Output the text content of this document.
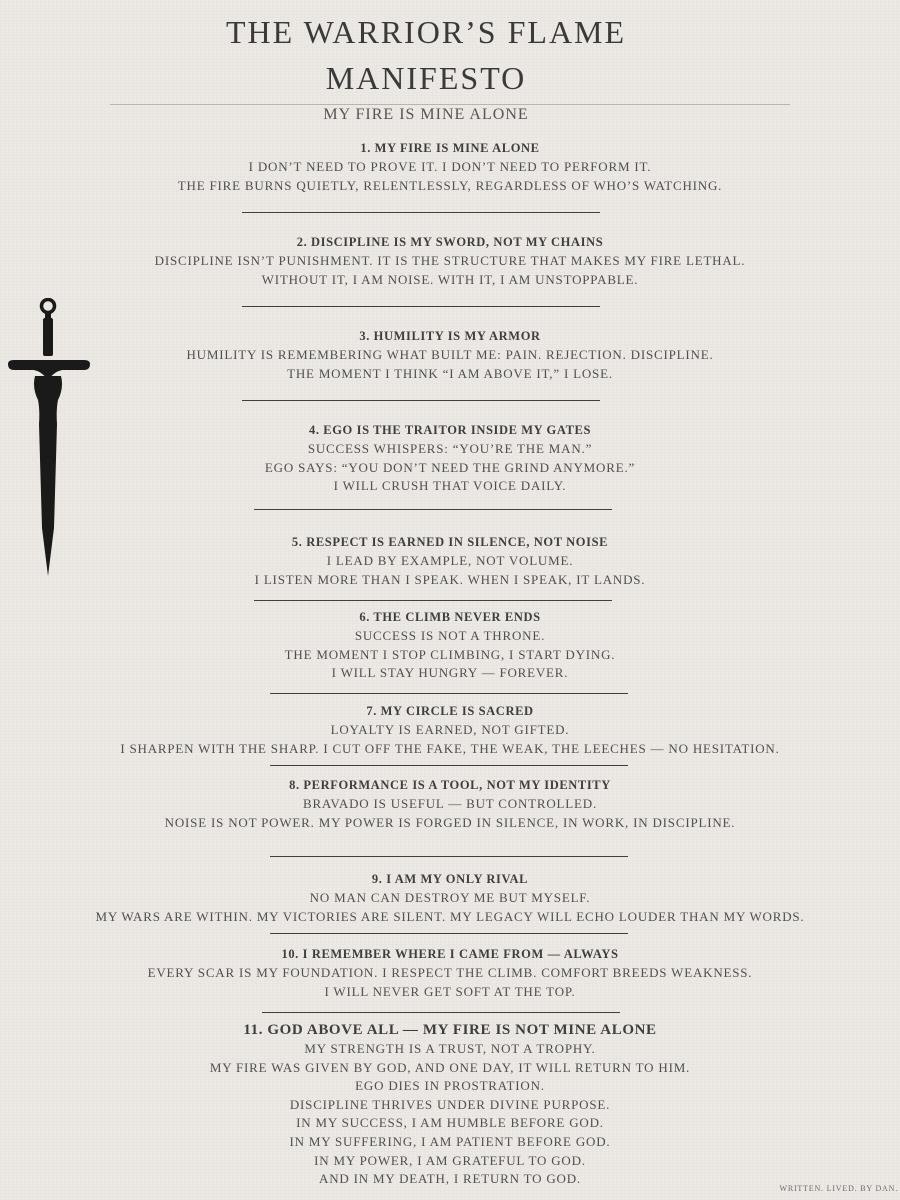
THE WARRIOR’S FLAME
MANIFESTO
MY FIRE IS MINE ALONE
1. MY FIRE IS MINE ALONE
I DON’T NEED TO PROVE IT. I DON’T NEED TO PERFORM IT.
THE FIRE BURNS QUIETLY, RELENTLESSLY, REGARDLESS OF WHO’S WATCHING.
2. DISCIPLINE IS MY SWORD, NOT MY CHAINS
DISCIPLINE ISN’T PUNISHMENT. IT IS THE STRUCTURE THAT MAKES MY FIRE LETHAL.
WITHOUT IT, I AM NOISE. WITH IT, I AM UNSTOPPABLE.
3. HUMILITY IS MY ARMOR
HUMILITY IS REMEMBERING WHAT BUILT ME: PAIN. REJECTION. DISCIPLINE.
THE MOMENT I THINK “I AM ABOVE IT,” I LOSE.
4. EGO IS THE TRAITOR INSIDE MY GATES
SUCCESS WHISPERS: “YOU’RE THE MAN.”
EGO SAYS: “YOU DON’T NEED THE GRIND ANYMORE.”
I WILL CRUSH THAT VOICE DAILY.
5. RESPECT IS EARNED IN SILENCE, NOT NOISE
I LEAD BY EXAMPLE, NOT VOLUME.
I LISTEN MORE THAN I SPEAK. WHEN I SPEAK, IT LANDS.
6. THE CLIMB NEVER ENDS
SUCCESS IS NOT A THRONE.
THE MOMENT I STOP CLIMBING, I START DYING.
I WILL STAY HUNGRY — FOREVER.
7. MY CIRCLE IS SACRED
LOYALTY IS EARNED, NOT GIFTED.
I SHARPEN WITH THE SHARP. I CUT OFF THE FAKE, THE WEAK, THE LEECHES — NO HESITATION.
8. PERFORMANCE IS A TOOL, NOT MY IDENTITY
BRAVADO IS USEFUL — BUT CONTROLLED.
NOISE IS NOT POWER. MY POWER IS FORGED IN SILENCE, IN WORK, IN DISCIPLINE.
9. I AM MY ONLY RIVAL
NO MAN CAN DESTROY ME BUT MYSELF.
MY WARS ARE WITHIN. MY VICTORIES ARE SILENT. MY LEGACY WILL ECHO LOUDER THAN MY WORDS.
10. I REMEMBER WHERE I CAME FROM — ALWAYS
EVERY SCAR IS MY FOUNDATION. I RESPECT THE CLIMB. COMFORT BREEDS WEAKNESS.
I WILL NEVER GET SOFT AT THE TOP.
11. GOD ABOVE ALL — MY FIRE IS NOT MINE ALONE
MY STRENGTH IS A TRUST, NOT A TROPHY.
MY FIRE WAS GIVEN BY GOD, AND ONE DAY, IT WILL RETURN TO HIM.
EGO DIES IN PROSTRATION.
DISCIPLINE THRIVES UNDER DIVINE PURPOSE.
IN MY SUCCESS, I AM HUMBLE BEFORE GOD.
IN MY SUFFERING, I AM PATIENT BEFORE GOD.
IN MY POWER, I AM GRATEFUL TO GOD.
AND IN MY DEATH, I RETURN TO GOD.
WRITTEN. LIVED. BY DAN.
